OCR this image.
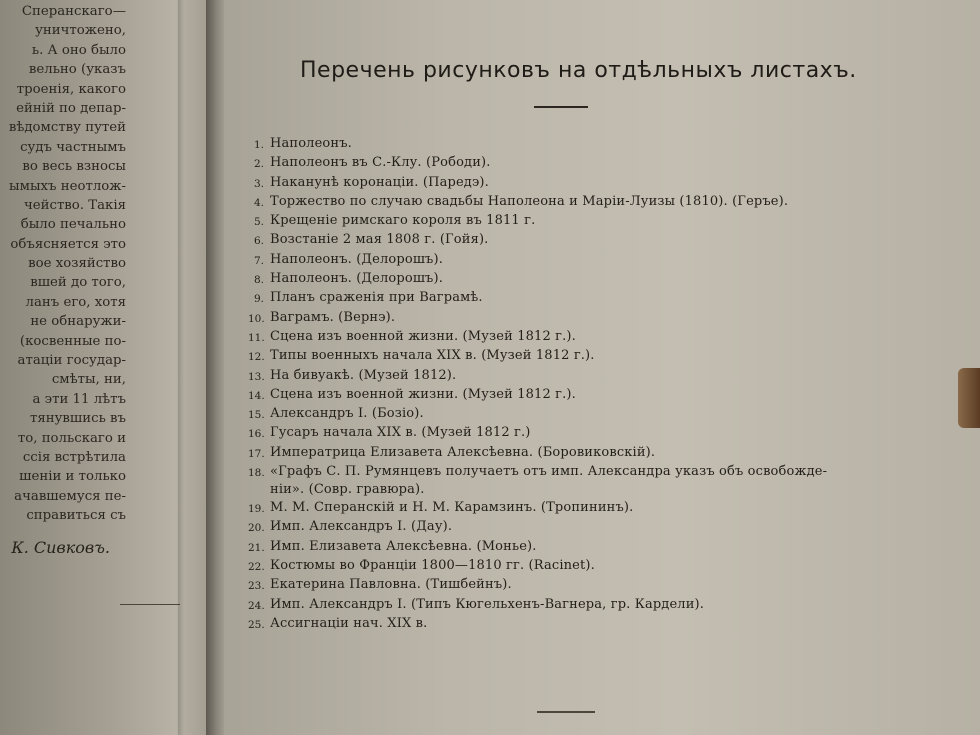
Сперанскаго—
уничтожено,
ь. А оно было
вельно (указъ
троенія, какого
ейній по депар-
вѣдомству путей
судъ частнымъ
во весь взносы
ымыхъ неотлож-
чейство. Такія
было печально
объясняется это
вое хозяйство
вшей до того,
ланъ его, хотя
не обнаружи-
(косвенные по-
атаціи государ-
смѣты, ни,
а эти 11 лѣтъ
тянувшись въ
то, польскаго и
ссія встрѣтила
шеніи и только
ачавшемуся пе-
справиться съ
К. Сивковъ.
Перечень рисунковъ на отдѣльныхъ листахъ.
1. Наполеонъ.
2. Наполеонъ въ С.-Клу. (Рободи).
3. Наканунѣ коронаціи. (Паредэ).
4. Торжество по случаю свадьбы Наполеона и Маріи-Луизы (1810). (Геръе).
5. Крещеніе римскаго короля въ 1811 г.
6. Возстаніе 2 мая 1808 г. (Гойя).
7. Наполеонъ. (Делорошъ).
8. Наполеонъ. (Делорошъ).
9. Планъ сраженія при Ваграмѣ.
10. Ваграмъ. (Вернэ).
11. Сцена изъ военной жизни. (Музей 1812 г.).
12. Типы военныхъ начала XIX в. (Музей 1812 г.).
13. На бивуакѣ. (Музей 1812).
14. Сцена изъ военной жизни. (Музей 1812 г.).
15. Александръ I. (Бозіо).
16. Гусаръ начала XIX в. (Музей 1812 г.)
17. Императрица Елизавета Алексѣевна. (Боровиковскій).
18. «Графъ С. П. Румянцевъ получаетъ отъ имп. Александра указъ объ освобожде-
ніи». (Совр. гравюра).
19. М. М. Сперанскій и Н. М. Карамзинъ. (Тропининъ).
20. Имп. Александръ I. (Дау).
21. Имп. Елизавета Алексѣевна. (Монье).
22. Костюмы во Франціи 1800—1810 гг. (Racinet).
23. Екатерина Павловна. (Тишбейнъ).
24. Имп. Александръ I. (Типъ Кюгельхенъ-Вагнера, гр. Кардели).
25. Ассигнаціи нач. XIX в.
